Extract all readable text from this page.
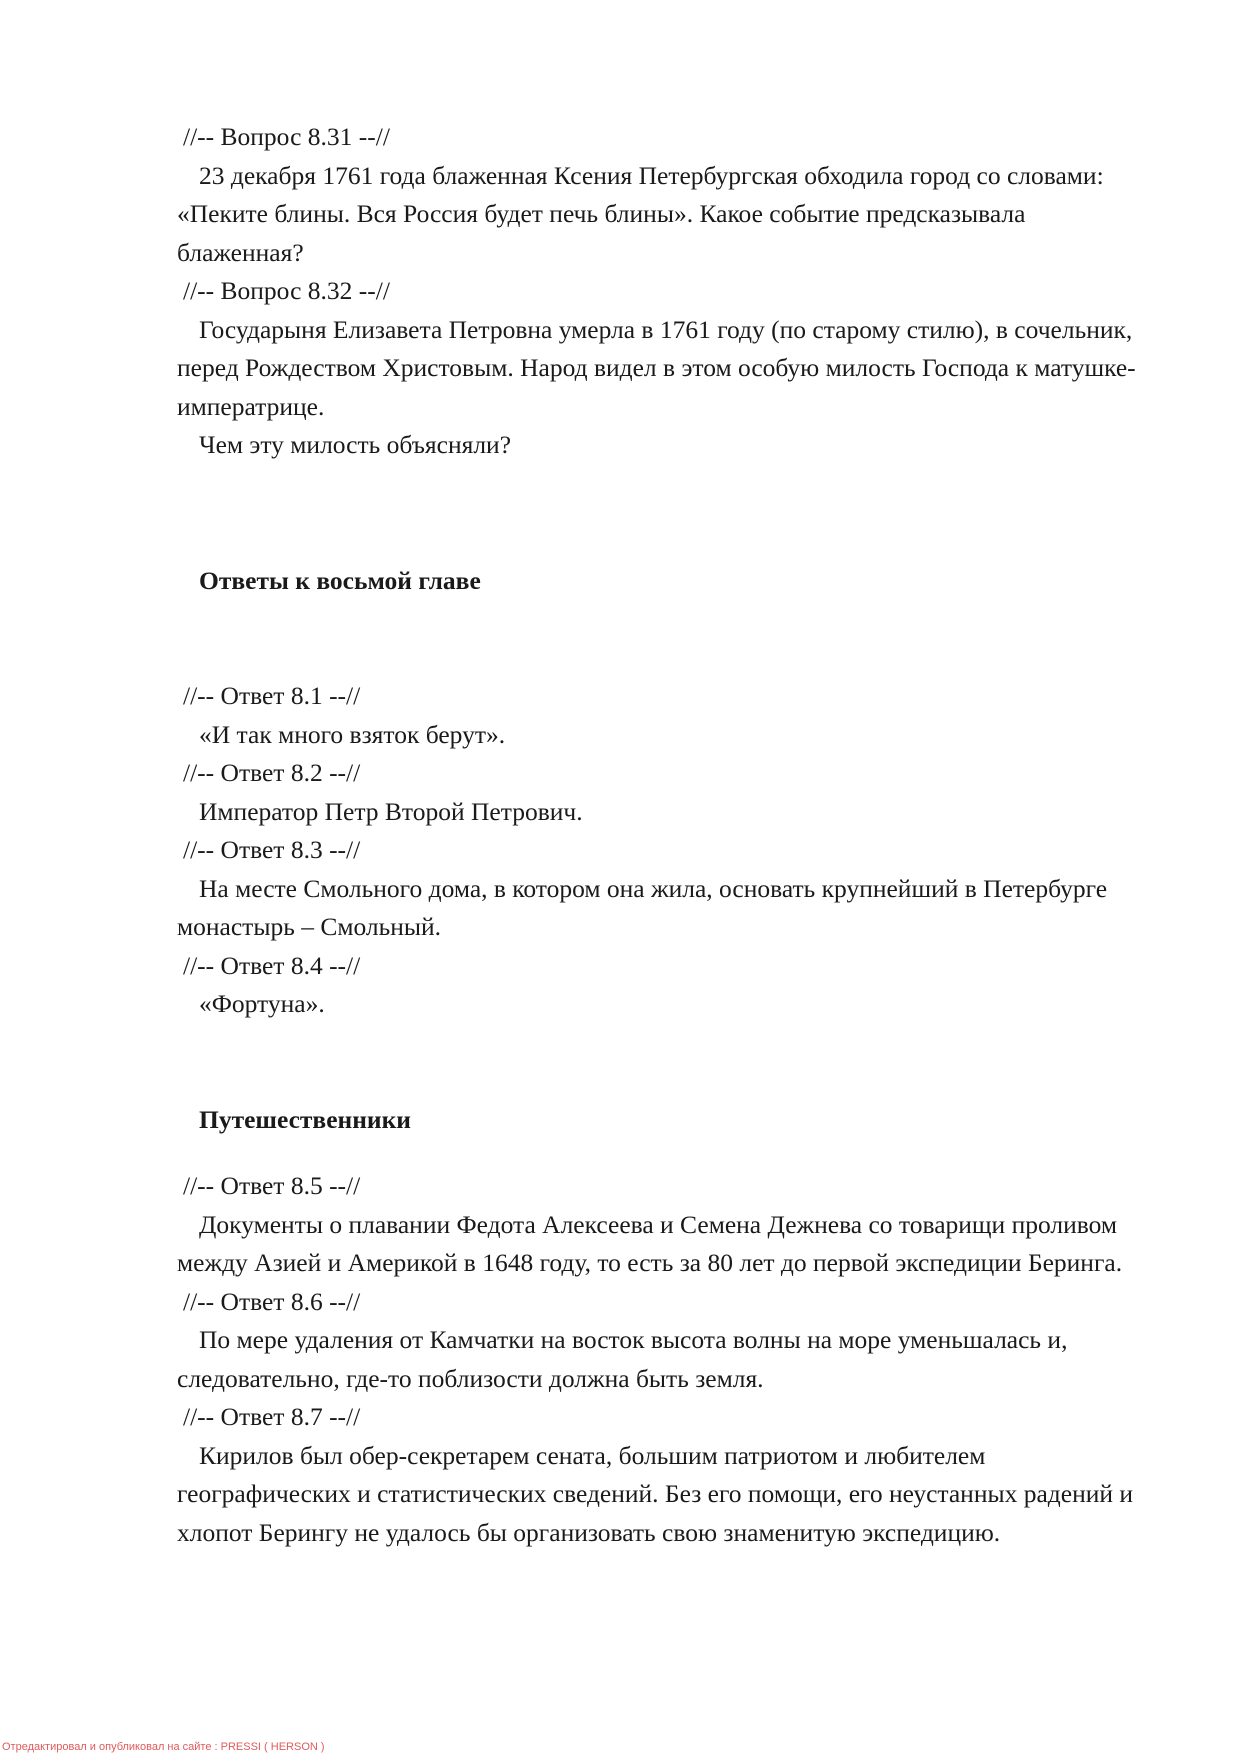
//-- Вопрос 8.31 --//

23 декабря 1761 года блаженная Ксения Петербургская обходила город со словами: «Пеките блины. Вся Россия будет печь блины». Какое событие предсказывала блаженная?

//-- Вопрос 8.32 --//

Государыня Елизавета Петровна умерла в 1761 году (по старому стилю), в сочельник, перед Рождеством Христовым. Народ видел в этом особую милость Господа к матушке-императрице.

Чем эту милость объясняли?

Ответы к восьмой главе
//-- Ответ 8.1 --//

«И так много взяток берут».

//-- Ответ 8.2 --//

Император Петр Второй Петрович.

//-- Ответ 8.3 --//

На месте Смольного дома, в котором она жила, основать крупнейший в Петербурге монастырь – Смольный.

//-- Ответ 8.4 --//

«Фортуна».

Путешественники
//-- Ответ 8.5 --//

Документы о плавании Федота Алексеева и Семена Дежнева со товарищи проливом между Азией и Америкой в 1648 году, то есть за 80 лет до первой экспедиции Беринга.

//-- Ответ 8.6 --//

По мере удаления от Камчатки на восток высота волны на море уменьшалась и, следовательно, где-то поблизости должна быть земля.

//-- Ответ 8.7 --//

Кирилов был обер-секретарем сената, большим патриотом и любителем географических и статистических сведений. Без его помощи, его неустанных радений и хлопот Берингу не удалось бы организовать свою знаменитую экспедицию.

Отредактировал и опубликовал на сайте : PRESSI ( HERSON )
